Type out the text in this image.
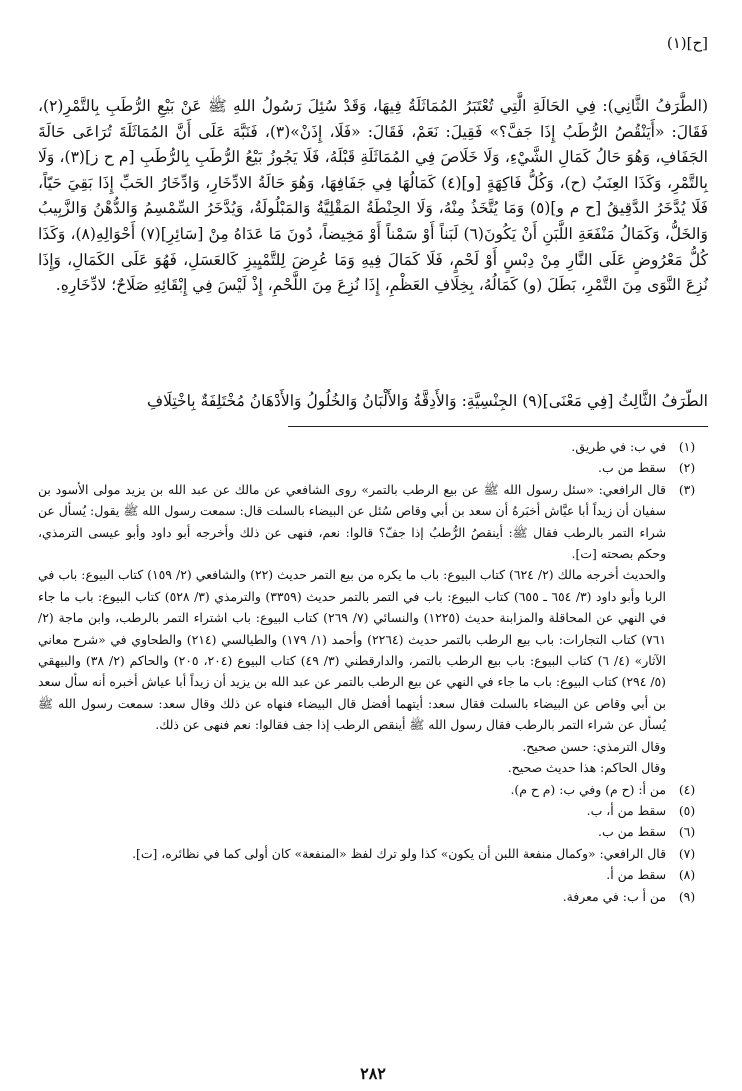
[ح](١)

(الطَّرَفُ الثَّانِي): فِي الحَالَةِ الَّتِي تُعْتَبَرُ المُمَاثَلَةُ فِيهَا، وَقَدْ سُئِلَ رَسُولُ اللهِ ﷺ عَنْ بَيْعِ الرُّطَبِ بِالتَّمْرِ(٢)، فَقَالَ: «أَيَنْقُصُ الرُّطَبُ إِذَا جَفَّ؟» فَقِيلَ: نَعَمْ، فَقَالَ: «فَلَا، إِذَنْ»(٣)، فَنَبَّهَ عَلَى أَنَّ المُمَاثَلَةَ تُرَاعَى حَالَةَ الجَفَافِ، وَهُوَ حَالُ كَمَالِ الشَّيْءِ، وَلَا خَلَاصَ فِي المُمَاثَلَةِ قَبْلَهُ، فَلَا يَجُوزُ بَيْعُ الرُّطَبِ بِالرُّطَبِ [م ح ز](٣)، وَلَا بِالتَّمْرِ، وَكَذَا العِنَبُ (ح)، وَكُلُّ فَاكِهَةٍ [و](٤) كَمَالُهَا فِي جَفَافِهَا، وَهُوَ حَالَةُ الادِّخَارِ، وَادِّخَارُ الحَبِّ إِذَا بَقِيَ حَيّاً، فَلَا يُدَّخَرُ الدَّقِيقُ [ح م و](٥) وَمَا يُتَّخَذُ مِنْهُ، وَلَا الحِنْطَةُ المَقْلِيَّةُ وَالمَبْلُولَةُ، وَيُدَّخَرُ السِّمْسِمُ وَالدُّهْنُ وَالزَّبِيبُ وَالخَلُّ، وَكَمَالُ مَنْفَعَةِ اللَّبَنِ أَنْ يَكُونَ(٦) لَبَناً أَوْ سَمْناً أَوْ مَخِيضاً، دُونَ مَا عَدَاهُ مِنْ [سَائِرِ](٧) أَحْوَالِهِ(٨)، وَكَذَا كُلُّ مَعْرُوضٍ عَلَى النَّارِ مِنْ دِبْسٍ أَوْ لَحْمٍ، فَلَا كَمَالَ فِيهِ وَمَا عُرِضَ لِلتَّمْيِيزِ كَالعَسَلِ، فَهُوَ عَلَى الكَمَالِ، وَإِذَا نُزِعَ النَّوَى مِنَ التَّمْرِ، بَطَلَ (و) كَمَالُهُ، بِخِلَافِ العَظْمِ، إِذَا نُزِعَ مِنَ اللَّحْمِ، إِذْ لَيْسَ فِي إِبْقَائِهِ صَلَاحٌ؛ لادِّخَارِهِ.

الطَّرَفُ الثَّالِثُ [فِي مَعْنَى](٩) الجِنْسِيَّةِ: وَالأَدِقَّةُ وَالأَلْبَانُ وَالخُلُولُ وَالأَدْهَانُ مُخْتَلِفَةٌ بِاخْتِلَافِ
(١)

في ب: في طريق.

(٢)

سقط من ب.

(٣)

قال الرافعي: «سئل رسول الله ﷺ عن بيع الرطب بالتمر» روى الشافعي عن مالك عن عبد الله بن يزيد مولى الأسود بن سفيان أن زيداً أبا عيَّاش أخبَرهُ أن سعد بن أبي وقاص سُئل عن البيضاء بالسلت قال: سمعت رسول الله ﷺ يقول: يُسأل عن شراء التمر بالرطب فقال ﷺ: أينقصُ الرُّطبُ إذا جفّ؟ قالوا: نعم، فنهى عن ذلك وأخرجه أبو داود وأبو عيسى الترمذي، وحكم بصحته [ت].

والحديث أخرجه مالك (٢/ ٦٢٤) كتاب البيوع: باب ما يكره من بيع التمر حديث (٢٢) والشافعي (٢/ ١٥٩) كتاب البيوع: باب في الربا وأبو داود (٣/ ٦٥٤ ـ ٦٥٥) كتاب البيوع: باب في التمر بالتمر حديث (٣٣٥٩) والترمذي (٣/ ٥٢٨) كتاب البيوع: باب ما جاء في النهي عن المحاقلة والمزابنة حديث (١٢٢٥) والنسائي (٧/ ٢٦٩) كتاب البيوع: باب اشتراء التمر بالرطب، وابن ماجة (٢/ ٧٦١) كتاب التجارات: باب بيع الرطب بالتمر حديث (٢٢٦٤) وأحمد (١/ ١٧٩) والطيالسي (٢١٤) والطحاوي في «شرح معاني الآثار» (٤/ ٦) كتاب البيوع: باب بيع الرطب بالتمر، والدارقطني (٣/ ٤٩) كتاب البيوع (٢٠٤، ٢٠٥) والحاكم (٢/ ٣٨) والبيهقي (٥/ ٢٩٤) كتاب البيوع: باب ما جاء في النهي عن بيع الرطب بالتمر عن عبد الله بن يزيد أن زيداً أبا عياش أخبره أنه سأل سعد بن أبي وقاص عن البيضاء بالسلت فقال سعد: أيتهما أفضل قال البيضاء فنهاه عن ذلك وقال سعد: سمعت رسول الله ﷺ يُسأل عن شراء التمر بالرطب فقال رسول الله ﷺ أينقص الرطب إذا جف فقالوا: نعم فنهى عن ذلك.

وقال الترمذي: حسن صحيح.

وقال الحاكم: هذا حديث صحيح.

(٤)

من أ: (ح م) وفي ب: (م ح م).

(٥)

سقط من أ، ب.

(٦)

سقط من ب.

(٧)

قال الرافعي: «وكمال منفعة اللبن أن يكون» كذا ولو ترك لفظ «المنفعة» كان أولى كما في نظائره، [ت].

(٨)

سقط من أ.

(٩)

من أ ب: في معرفة.

٢٨٢
